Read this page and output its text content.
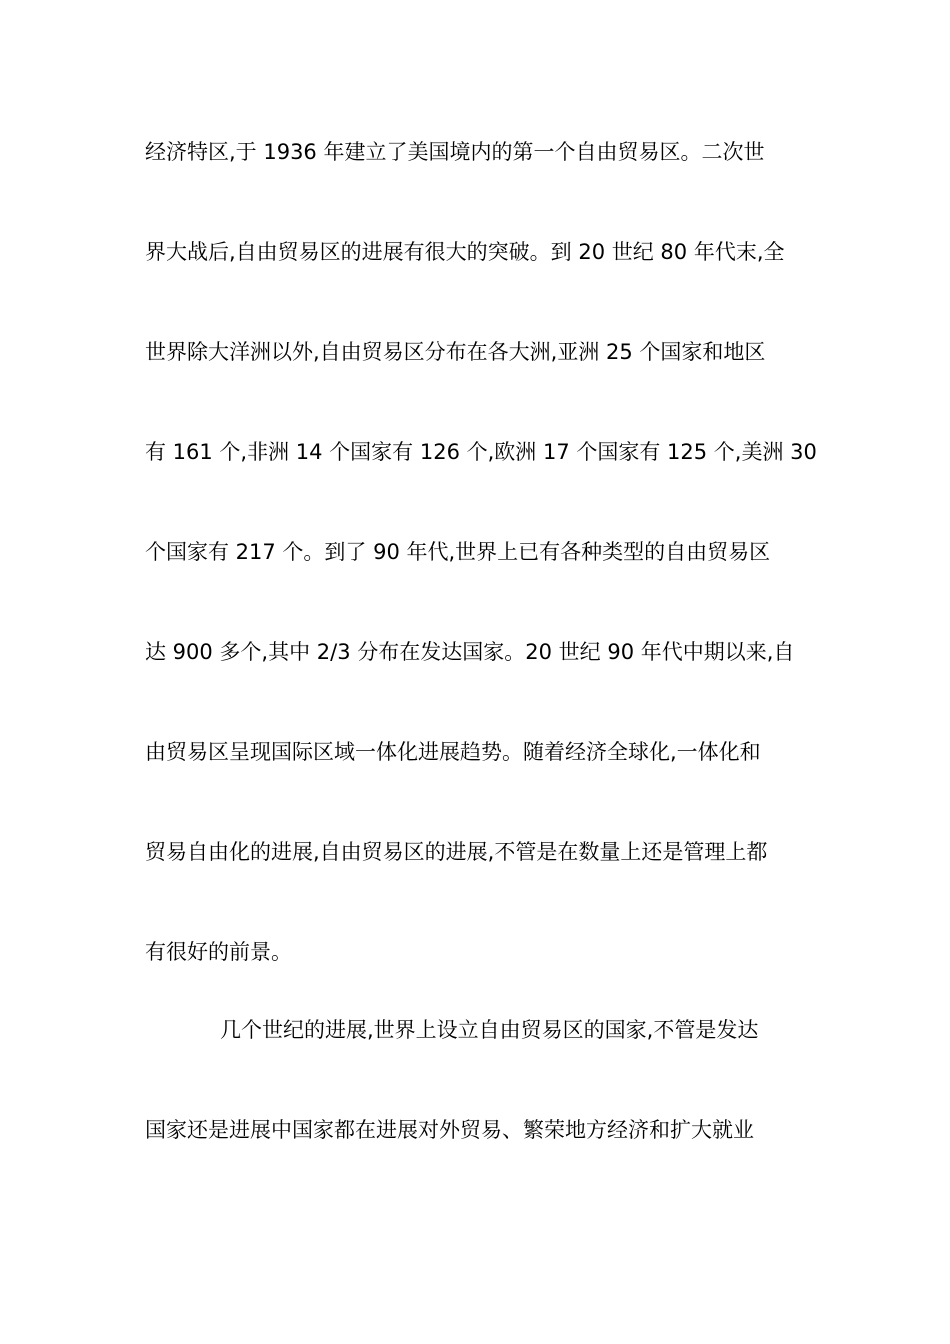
经济特区,于 1936 年建立了美国境内的第一个自由贸易区。二次世
界大战后,自由贸易区的进展有很大的突破。到 20 世纪 80 年代末,全
世界除大洋洲以外,自由贸易区分布在各大洲,亚洲 25 个国家和地区
有 161 个,非洲 14 个国家有 126 个,欧洲 17 个国家有 125 个,美洲 30
个国家有 217 个。到了 90 年代,世界上已有各种类型的自由贸易区
达 900 多个,其中 2/3 分布在发达国家。20 世纪 90 年代中期以来,自
由贸易区呈现国际区域一体化进展趋势。随着经济全球化,一体化和
贸易自由化的进展,自由贸易区的进展,不管是在数量上还是管理上都
有很好的前景。
几个世纪的进展,世界上设立自由贸易区的国家,不管是发达
国家还是进展中国家都在进展对外贸易、繁荣地方经济和扩大就业
